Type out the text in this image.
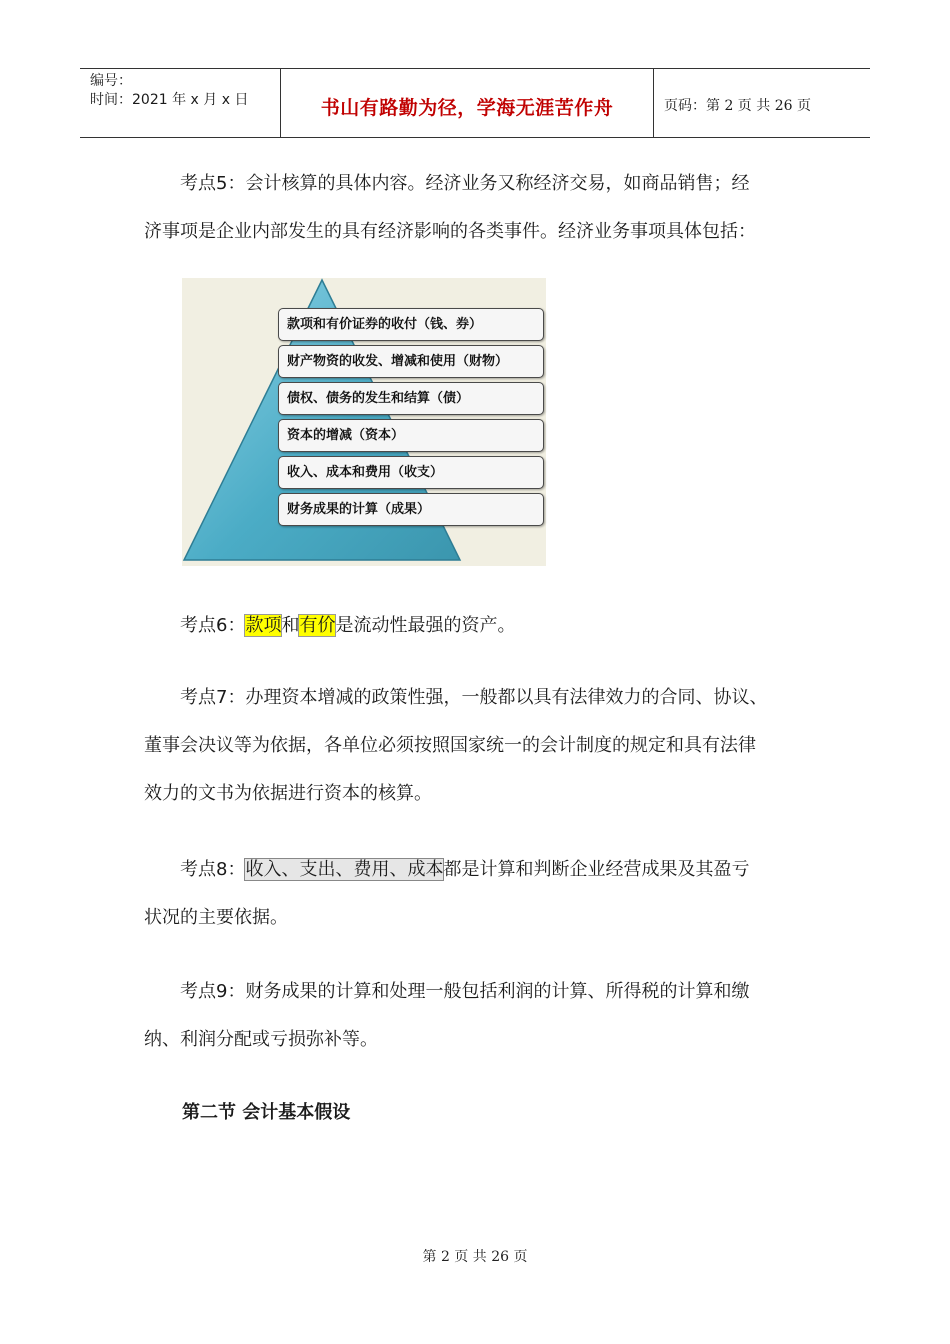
编号：
时间：2021 年 x 月 x 日	书山有路勤为径，学海无涯苦作舟	页码：第 2 页 共 26 页
考点5：会计核算的具体内容。经济业务又称经济交易，如商品销售；经
济事项是企业内部发生的具有经济影响的各类事件。经济业务事项具体包括：
款项和有价证券的收付（钱、券）
财产物资的收发、增减和使用（财物）
债权、债务的发生和结算（债）
资本的增减（资本）
收入、成本和费用（收支）
财务成果的计算（成果）
考点6：款项和有价是流动性最强的资产。
考点7：办理资本增减的政策性强，一般都以具有法律效力的合同、协议、
董事会决议等为依据，各单位必须按照国家统一的会计制度的规定和具有法律
效力的文书为依据进行资本的核算。
考点8：收入、支出、费用、成本都是计算和判断企业经营成果及其盈亏
状况的主要依据。
考点9：财务成果的计算和处理一般包括利润的计算、所得税的计算和缴
纳、利润分配或亏损弥补等。
第二节 会计基本假设
第 2 页 共 26 页
